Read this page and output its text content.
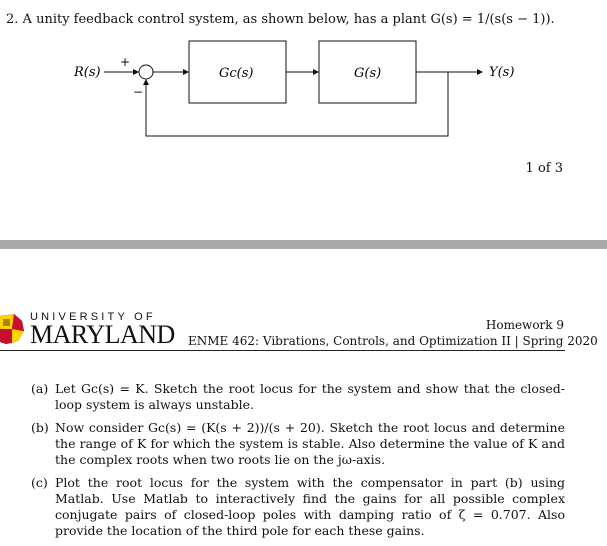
2. A unity feedback control system, as shown below, has a plant G(s) = 1/(s(s − 1)).
R(s)
+
−
Gc(s)	G(s)	Y(s)
1 of 3
UNIVERSITY OF
MARYLAND ENME 462: Vibrations, Controls, and Optimization II | Spring 2020
Homework 9
(a) Let Gc(s) = K. Sketch the root locus for the system and show that the closed-loop system is always unstable.
(b) Now consider Gc(s) = (K(s + 2))/(s + 20). Sketch the root locus and determine the range of K for which the system is stable. Also determine the value of K and the complex roots when two roots lie on the jω-axis.
(c) Plot the root locus for the system with the compensator in part (b) using Matlab. Use Matlab to interactively find the gains for all possible complex conjugate pairs of closed-loop poles with damping ratio of ζ = 0.707. Also provide the location of the third pole for each these gains.
